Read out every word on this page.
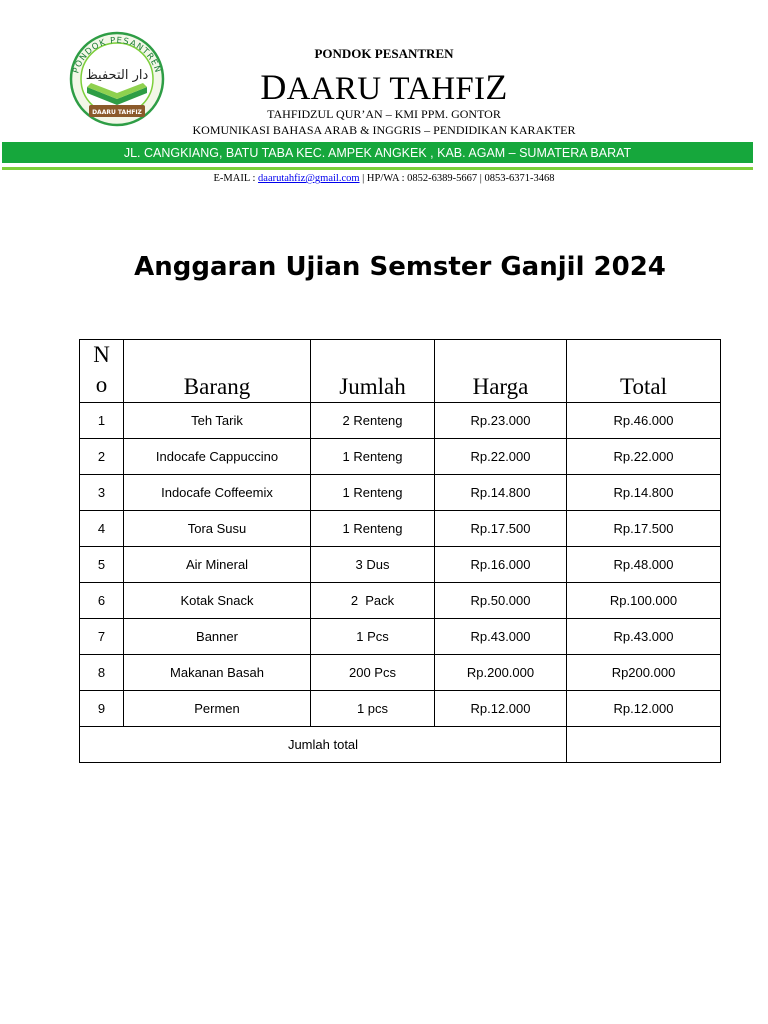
PONDOK PESANTREN
دار التحفيظ
DAARU TAHFIZ
PONDOK PESANTREN
DAARU TAHFIZ
TAHFIDZUL QUR’AN – KMI PPM. GONTOR
KOMUNIKASI BAHASA ARAB & INGGRIS – PENDIDIKAN KARAKTER
JL. CANGKIANG, BATU TABA KEC. AMPEK ANGKEK , KAB. AGAM – SUMATERA BARAT
E-MAIL : daarutahfiz@gmail.com | HP/WA : 0852-6389-5667 | 0853-6371-3468
Anggaran Ujian Semster Ganjil 2024
N
o	Barang	Jumlah	Harga	Total
1	Teh Tarik	2 Renteng	Rp.23.000	Rp.46.000
2	Indocafe Cappuccino	1 Renteng	Rp.22.000	Rp.22.000
3	Indocafe Coffeemix	1 Renteng	Rp.14.800	Rp.14.800
4	Tora Susu	1 Renteng	Rp.17.500	Rp.17.500
5	Air Mineral	3 Dus	Rp.16.000	Rp.48.000
6	Kotak Snack	2  Pack	Rp.50.000	Rp.100.000
7	Banner	1 Pcs	Rp.43.000	Rp.43.000
8	Makanan Basah	200 Pcs	Rp.200.000	Rp200.000
9	Permen	1 pcs	Rp.12.000	Rp.12.000
Jumlah total				
